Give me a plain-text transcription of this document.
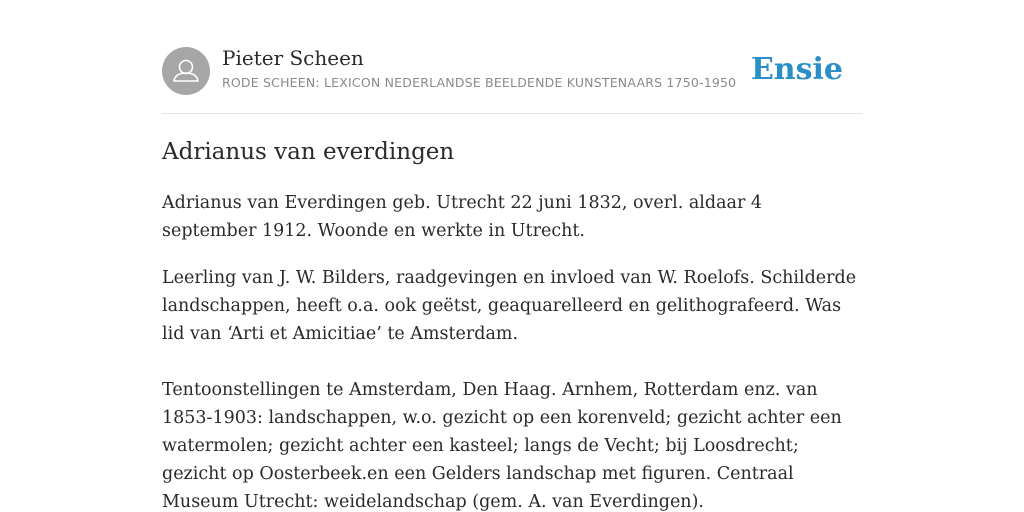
Pieter Scheen
RODE SCHEEN: LEXICON NEDERLANDSE BEELDENDE KUNSTENAARS 1750-1950 Ensie
Adrianus van everdingen

Adrianus van Everdingen geb. Utrecht 22 juni 1832, overl. aldaar 4 september 1912. Woonde en werkte in Utrecht.

Leerling van J. W. Bilders, raadgevingen en invloed van W. Roelofs. Schilderde landschappen, heeft o.a. ook geëtst, geaquarelleerd en gelithografeerd. Was lid van ‘Arti et Amicitiae’ te Amsterdam.

Tentoonstellingen te Amsterdam, Den Haag. Arnhem, Rotterdam enz. van 1853-1903: landschappen, w.o. gezicht op een korenveld; gezicht achter een watermolen; gezicht achter een kasteel; langs de Vecht; bij Loosdrecht; gezicht op Oosterbeek.en een Gelders landschap met figuren. Centraal Museum Utrecht: weidelandschap (gem. A. van Everdingen).
